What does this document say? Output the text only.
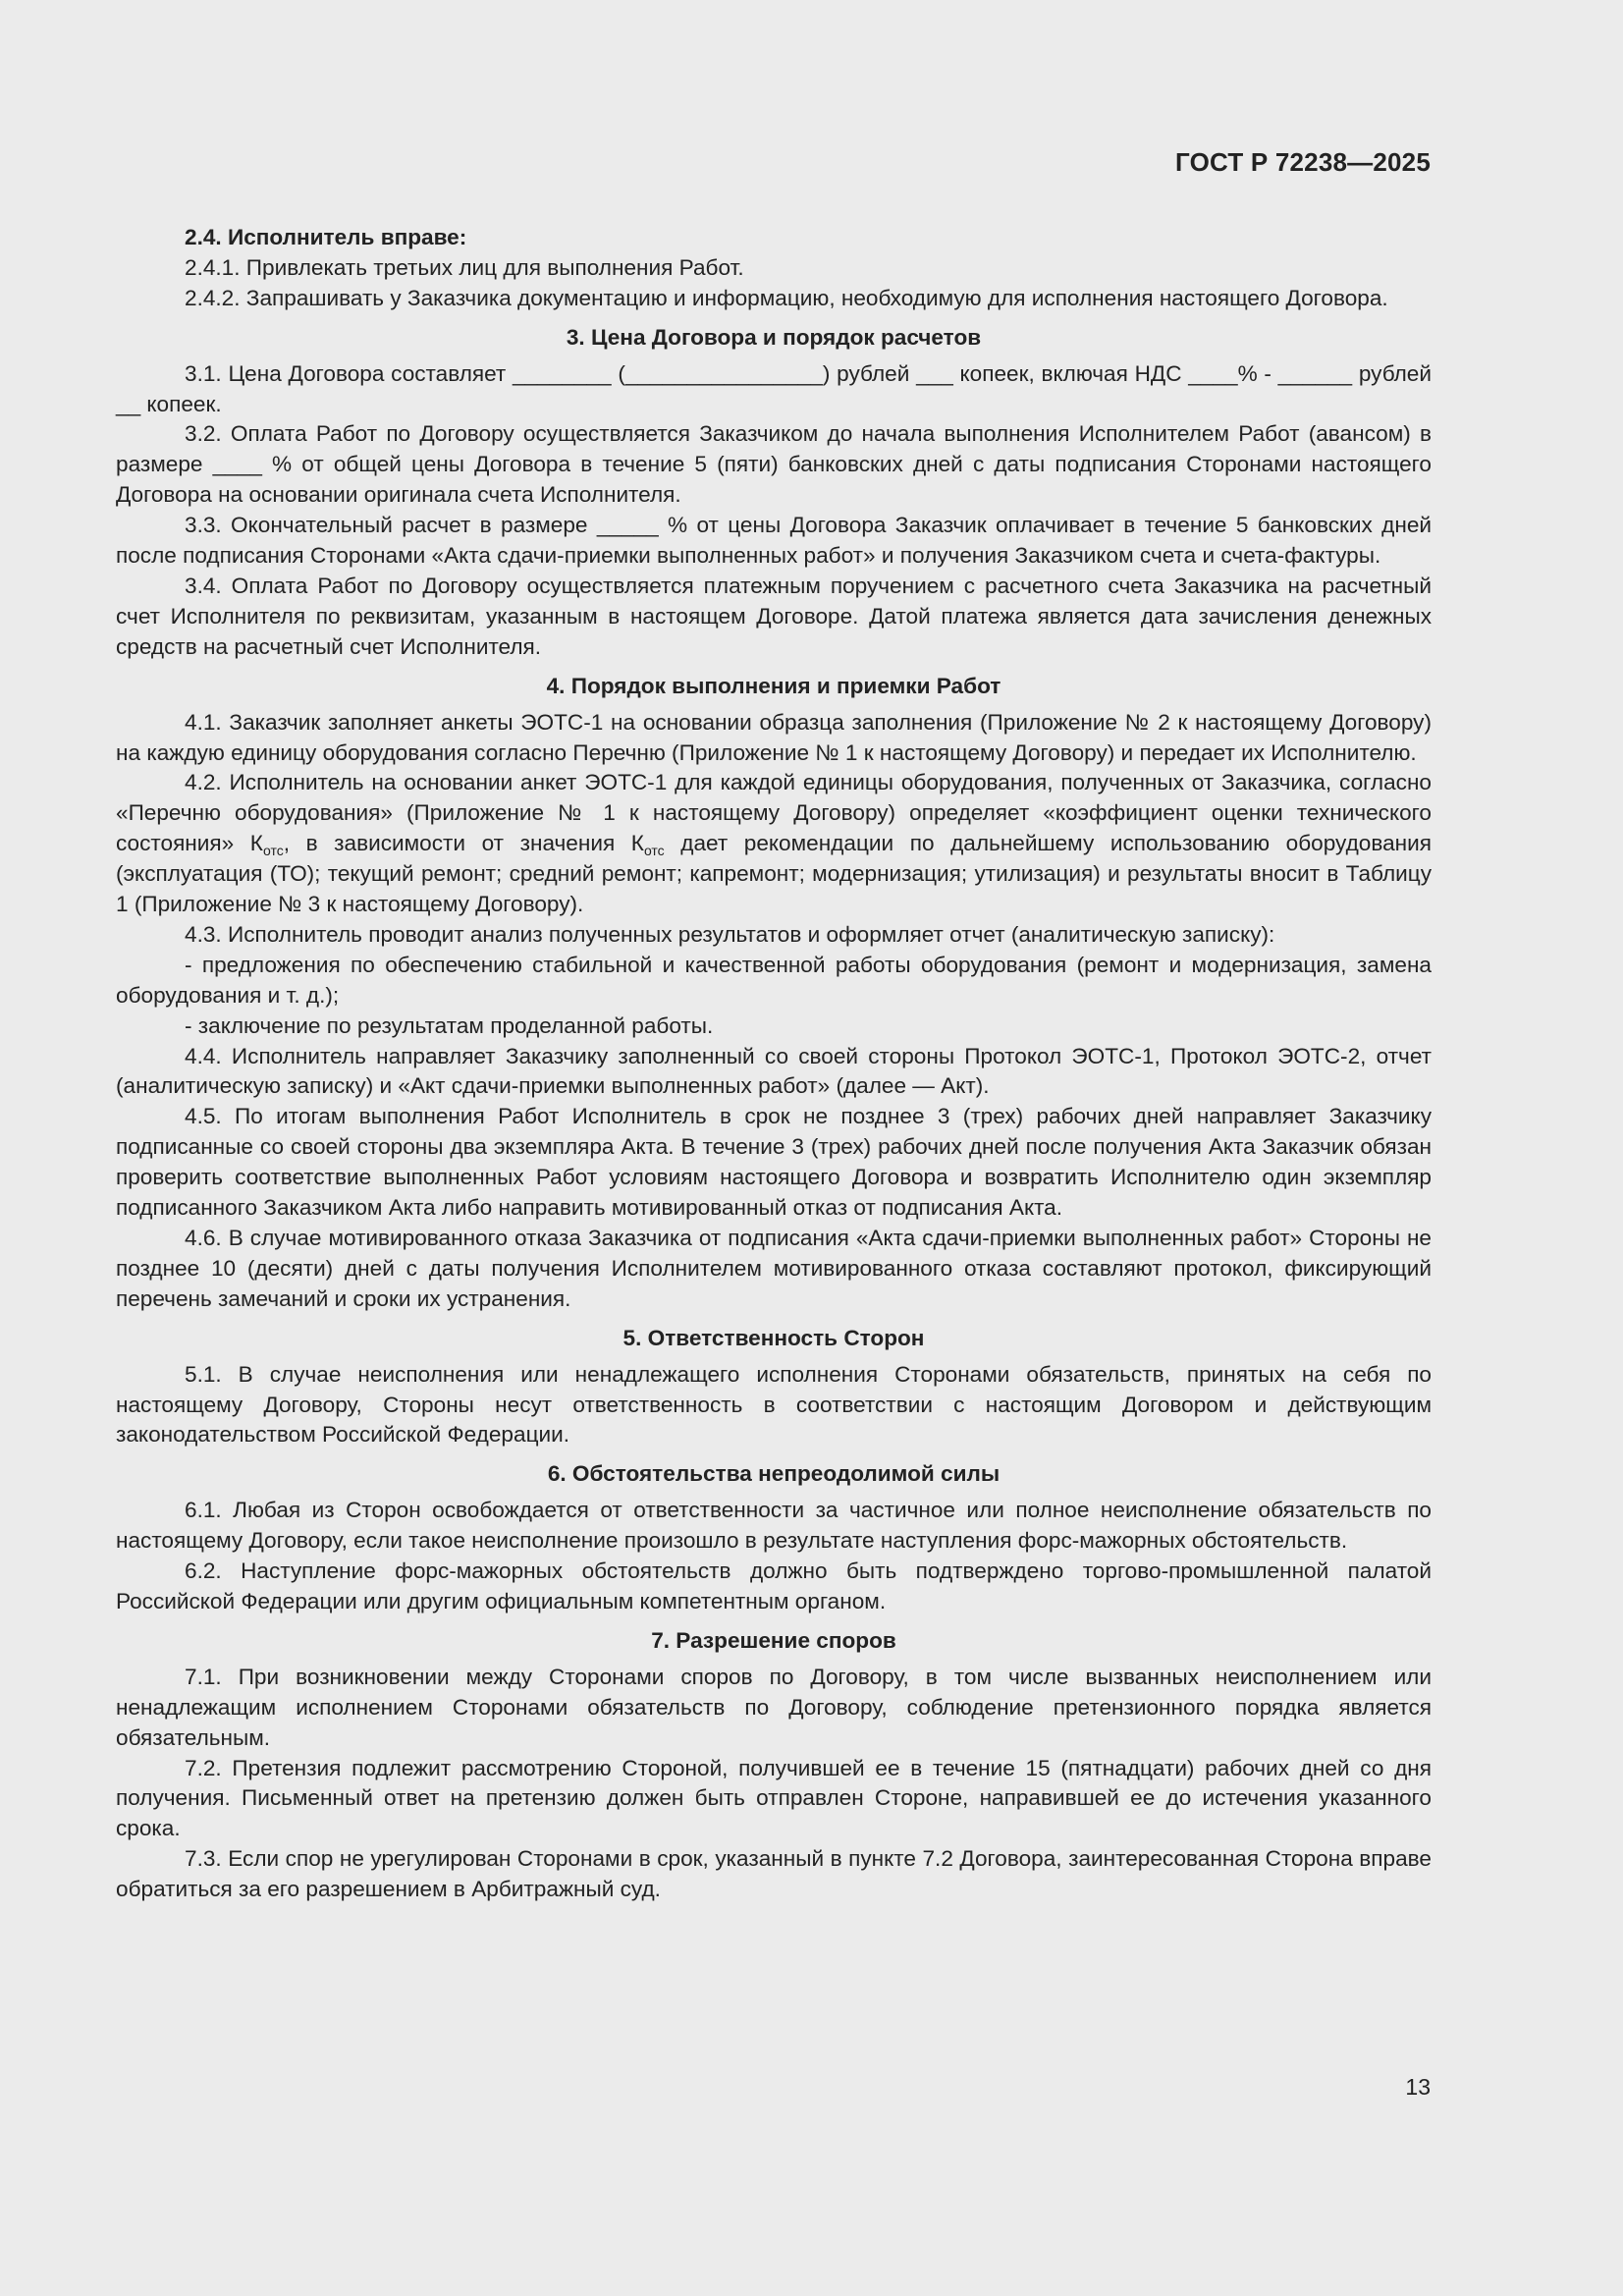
ГОСТ Р 72238—2025

2.4. Исполнитель вправе:

2.4.1. Привлекать третьих лиц для выполнения Работ.

2.4.2. Запрашивать у Заказчика документацию и информацию, необходимую для исполнения настоящего Договора.

3. Цена Договора и порядок расчетов

3.1. Цена Договора составляет ________ (________________) рублей ___ копеек, включая НДС ____% - ______ рублей __ копеек.

3.2. Оплата Работ по Договору осуществляется Заказчиком до начала выполнения Исполнителем Работ (авансом) в размере ____ % от общей цены Договора в течение 5 (пяти) банковских дней с даты подписания Сторонами настоящего Договора на основании оригинала счета Исполнителя.

3.3. Окончательный расчет в размере _____ % от цены Договора Заказчик оплачивает в течение 5 банковских дней после подписания Сторонами «Акта сдачи-приемки выполненных работ» и получения Заказчиком счета и счета-фактуры.

3.4. Оплата Работ по Договору осуществляется платежным поручением с расчетного счета Заказчика на расчетный счет Исполнителя по реквизитам, указанным в настоящем Договоре. Датой платежа является дата зачисления денежных средств на расчетный счет Исполнителя.

4. Порядок выполнения и приемки Работ

4.1. Заказчик заполняет анкеты ЭОТС-1 на основании образца заполнения (Приложение № 2 к настоящему Договору) на каждую единицу оборудования согласно Перечню (Приложение № 1 к настоящему Договору) и передает их Исполнителю.

4.2. Исполнитель на основании анкет ЭОТС-1 для каждой единицы оборудования, полученных от Заказчика, согласно «Перечню оборудования» (Приложение № 1 к настоящему Договору) определяет «коэффициент оценки технического состояния» $К_{отс}$, в зависимости от значения $К_{отс}$ дает рекомендации по дальнейшему использованию оборудования (эксплуатация (ТО); текущий ремонт; средний ремонт; капремонт; модернизация; утилизация) и результаты вносит в Таблицу 1 (Приложение № 3 к настоящему Договору).

4.3. Исполнитель проводит анализ полученных результатов и оформляет отчет (аналитическую записку):

- предложения по обеспечению стабильной и качественной работы оборудования (ремонт и модернизация, замена оборудования и т. д.);

- заключение по результатам проделанной работы.

4.4. Исполнитель направляет Заказчику заполненный со своей стороны Протокол ЭОТС-1, Протокол ЭОТС-2, отчет (аналитическую записку) и «Акт сдачи-приемки выполненных работ» (далее — Акт).

4.5. По итогам выполнения Работ Исполнитель в срок не позднее 3 (трех) рабочих дней направляет Заказчику подписанные со своей стороны два экземпляра Акта. В течение 3 (трех) рабочих дней после получения Акта Заказчик обязан проверить соответствие выполненных Работ условиям настоящего Договора и возвратить Исполнителю один экземпляр подписанного Заказчиком Акта либо направить мотивированный отказ от подписания Акта.

4.6. В случае мотивированного отказа Заказчика от подписания «Акта сдачи-приемки выполненных работ» Стороны не позднее 10 (десяти) дней с даты получения Исполнителем мотивированного отказа составляют протокол, фиксирующий перечень замечаний и сроки их устранения.

5. Ответственность Сторон

5.1. В случае неисполнения или ненадлежащего исполнения Сторонами обязательств, принятых на себя по настоящему Договору, Стороны несут ответственность в соответствии с настоящим Договором и действующим законодательством Российской Федерации.

6. Обстоятельства непреодолимой силы

6.1. Любая из Сторон освобождается от ответственности за частичное или полное неисполнение обязательств по настоящему Договору, если такое неисполнение произошло в результате наступления форс-мажорных обстоятельств.

6.2. Наступление форс-мажорных обстоятельств должно быть подтверждено торгово-промышленной палатой Российской Федерации или другим официальным компетентным органом.

7. Разрешение споров

7.1. При возникновении между Сторонами споров по Договору, в том числе вызванных неисполнением или ненадлежащим исполнением Сторонами обязательств по Договору, соблюдение претензионного порядка является обязательным.

7.2. Претензия подлежит рассмотрению Стороной, получившей ее в течение 15 (пятнадцати) рабочих дней со дня получения. Письменный ответ на претензию должен быть отправлен Стороне, направившей ее до истечения указанного срока.

7.3. Если спор не урегулирован Сторонами в срок, указанный в пункте 7.2 Договора, заинтересованная Сторона вправе обратиться за его разрешением в Арбитражный суд.

13
